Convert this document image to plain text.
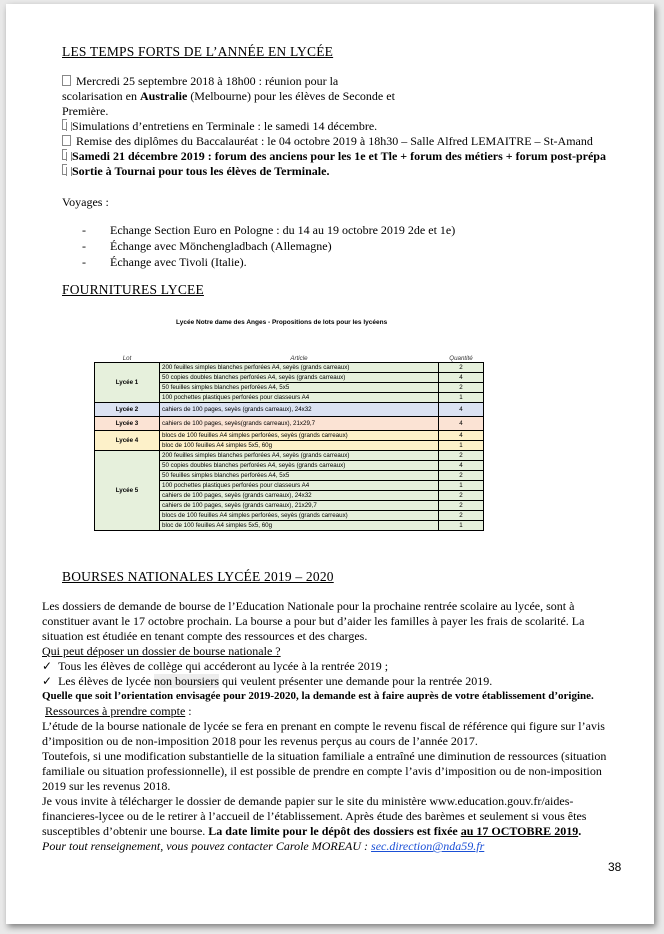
LES TEMPS FORTS DE L’ANNÉE EN LYCÉE
Mercredi 25 septembre 2018 à 18h00 : réunion pour la
scolarisation en Australie (Melbourne) pour les élèves de Seconde et
Première.
Simulations d’entretiens en Terminale : le samedi 14 décembre.
Remise des diplômes du Baccalauréat : le 04 octobre 2019 à 18h30 – Salle Alfred LEMAITRE – St-Amand
Samedi 21 décembre 2019 : forum des anciens pour les 1e et Tle + forum des métiers + forum post-prépa
Sortie à Tournai pour tous les élèves de Terminale.
Voyages :
- Echange Section Euro en Pologne : du 14 au 19 octobre 2019 2de et 1e)
- Échange avec Mönchengladbach (Allemagne)
- Échange avec Tivoli (Italie).
FOURNITURES LYCEE
Lycée Notre dame des Anges - Propositions de lots pour les lycéens
Lot	Article	Quantité
Lycée 1	200 feuilles simples blanches perforées A4, seyès (grands carreaux)	2
	50 copies doubles blanches perforées A4, seyès (grands carreaux)	4
	50 feuilles simples blanches perforées A4, 5x5	2
	100 pochettes plastiques perforées pour classeurs A4	1
Lycée 2	cahiers de 100 pages, seyès (grands carreaux), 24x32	4
Lycée 3	cahiers de 100 pages, seyès(grands carreaux), 21x29,7	4
Lycée 4	blocs de 100 feuilles A4 simples perforées, seyès (grands carreaux)	4
	bloc de 100 feuilles A4 simples 5x5, 60g	1
Lycée 5	200 feuilles simples blanches perforées A4, seyès (grands carreaux)	2
	50 copies doubles blanches perforées A4, seyès (grands carreaux)	4
	50 feuilles simples blanches perforées A4, 5x5	2
	100 pochettes plastiques perforées pour classeurs A4	1
	cahiers de 100 pages, seyès (grands carreaux), 24x32	2
	cahiers de 100 pages, seyès (grands carreaux), 21x29,7	2
	blocs de 100 feuilles A4 simples perforées, seyès (grands carreaux)	2
	bloc de 100 feuilles A4 simples 5x5, 60g	1
BOURSES NATIONALES LYCÉE 2019 – 2020
Les dossiers de demande de bourse de l’Education Nationale pour la prochaine rentrée scolaire au lycée, sont à constituer avant le 17 octobre prochain. La bourse a pour but d’aider les familles à payer les frais de scolarité. La situation est étudiée en tenant compte des ressources et des charges.
Qui peut déposer un dossier de bourse nationale ?
✓ Tous les élèves de collège qui accéderont au lycée à la rentrée 2019 ;
✓ Les élèves de lycée non boursiers qui veulent présenter une demande pour la rentrée 2019.
Quelle que soit l’orientation envisagée pour 2019-2020, la demande est à faire auprès de votre établissement d’origine.
Ressources à prendre compte :
L’étude de la bourse nationale de lycée se fera en prenant en compte le revenu fiscal de référence qui figure sur l’avis d’imposition ou de non-imposition 2018 pour les revenus perçus au cours de l’année 2017.
Toutefois, si une modification substantielle de la situation familiale a entraîné une diminution de ressources (situation familiale ou situation professionnelle), il est possible de prendre en compte l’avis d’imposition ou de non-imposition 2019 sur les revenus 2018.
Je vous invite à télécharger le dossier de demande papier sur le site du ministère www.education.gouv.fr/aides-financieres-lycee ou de le retirer à l’accueil de l’établissement. Après étude des barèmes et seulement si vous êtes susceptibles d’obtenir une bourse. La date limite pour le dépôt des dossiers est fixée au 17 OCTOBRE 2019.
Pour tout renseignement, vous pouvez contacter Carole MOREAU : sec.direction@nda59.fr
38
